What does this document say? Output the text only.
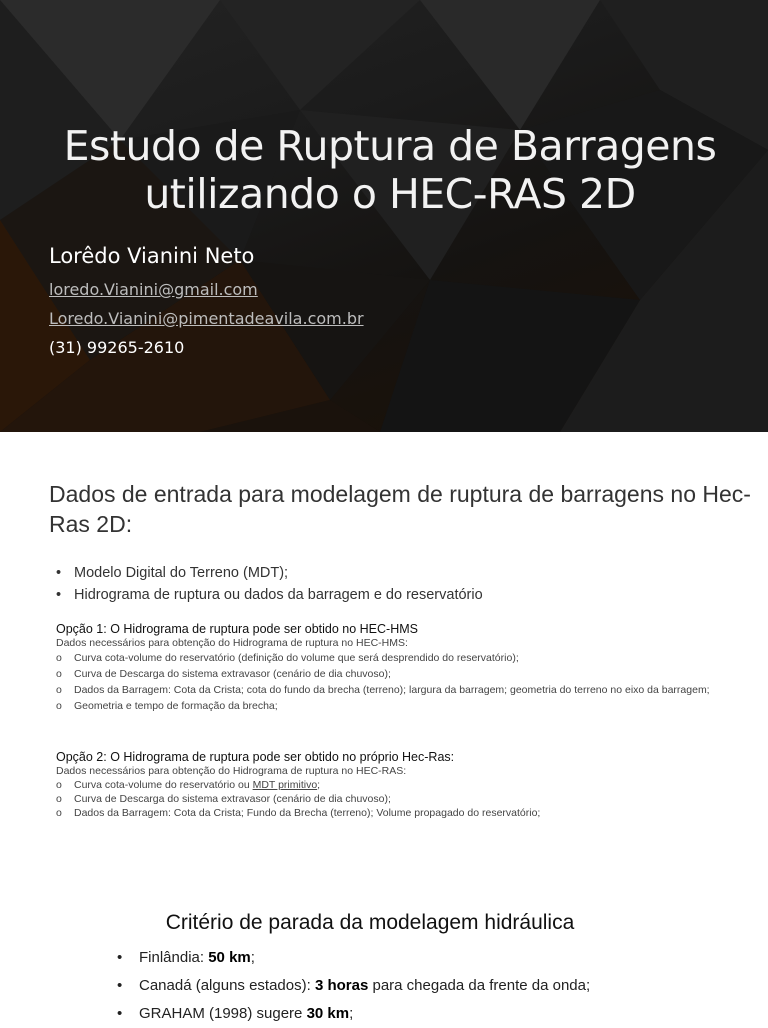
Estudo de Ruptura de Barragens
utilizando o HEC-RAS 2D
Lorêdo Vianini Neto
loredo.Vianini@gmail.com
Loredo.Vianini@pimentadeavila.com.br
(31) 99265-2610
Dados de entrada para modelagem de ruptura de barragens no Hec-Ras 2D:
• Modelo Digital do Terreno (MDT);
• Hidrograma de ruptura ou dados da barragem e do reservatório
Opção 1: O Hidrograma de ruptura pode ser obtido no HEC-HMS
Dados necessários para obtenção do Hidrograma de ruptura no HEC-HMS:
o Curva cota-volume do reservatório (definição do volume que será desprendido do reservatório);
o Curva de Descarga do sistema extravasor (cenário de dia chuvoso);
o Dados da Barragem: Cota da Crista; cota do fundo da brecha (terreno); largura da barragem; geometria do terreno no eixo da barragem;
o Geometria e tempo de formação da brecha;
Opção 2: O Hidrograma de ruptura pode ser obtido no próprio Hec-Ras:
Dados necessários para obtenção do Hidrograma de ruptura no HEC-RAS:
o Curva cota-volume do reservatório ou MDT primitivo;
o Curva de Descarga do sistema extravasor (cenário de dia chuvoso);
o Dados da Barragem: Cota da Crista; Fundo da Brecha (terreno); Volume propagado do reservatório;
Critério de parada da modelagem hidráulica
• Finlândia: 50 km;
• Canadá (alguns estados): 3 horas para chegada da frente da onda;
• GRAHAM (1998) sugere 30 km;
